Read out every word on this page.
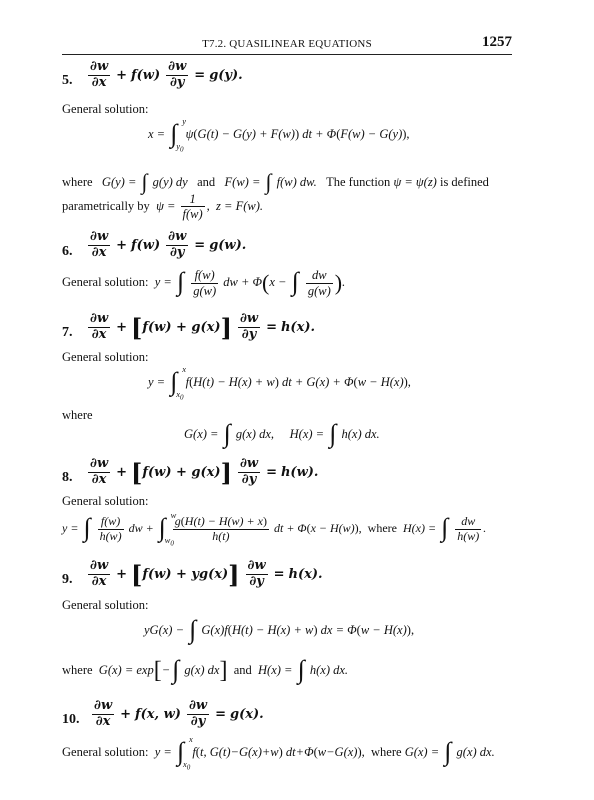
T7.2. QUASILINEAR EQUATIONS	1257
5. $\frac{\partial w}{\partial x} + f(w) \frac{\partial w}{\partial y} = g(y)$.
General solution:
x = ∫ y
$y_0$
ψ(G(t) − G(y) + F(w)) dt + Φ(F(w) − G(y)),
where G(y) = ∫ g(y) dy and F(w) = ∫ f(w) dw. The function ψ = ψ(z) is defined
parametrically by $\psi = \frac{1}{f(w)}$ ,  z = F(w).
6. $\frac{\partial w}{\partial x} + f(w) \frac{\partial w}{\partial y} = g(w)$.
General solution: y = ∫ $\frac{f(w)}{g(w)}$ dw + Φ(x − ∫ $\frac{dw}{g(w)}$ ).
7. $\frac{\partial w}{\partial x} + [f(w) + g(x)] \frac{\partial w}{\partial y} = h(x)$.
General solution:
y = ∫ x
$x_0$
f(H(t) − H(x) + w) dt + G(x) + Φ(w − H(x)),
where
G(x) = ∫ g(x) dx,     H(x) = ∫ h(x) dx.
8. $\frac{\partial w}{\partial x} + [f(w) + g(x)] \frac{\partial w}{\partial y} = h(w)$.
General solution:
y = ∫ $\frac{f(w)}{h(w)}$ dw + ∫ w
$w_0$

$\frac{g(H(t) - H(w) + x)}{h(t)}$ dt + Φ(x − H(w)),  where  H(x) = ∫ $\frac{dw}{h(w)}$ .
9. $\frac{\partial w}{\partial x} + [f(w) + yg(x)] \frac{\partial w}{\partial y} = h(x)$.
General solution:
yG(x) − ∫ G(x)f(H(t) − H(x) + w) dx = Φ(w − H(x)),
where G(x) = exp[−∫ g(x) dx] and H(x) = ∫ h(x) dx.
10. $\frac{\partial w}{\partial x} + f(x$, $w) \frac{\partial w}{\partial y} = g(x)$.
General solution: y = ∫ x
$x_0$
f(t, G(t)−G(x)+w) dt+Φ(w−G(x)),  where G(x) = ∫ g(x) dx.
